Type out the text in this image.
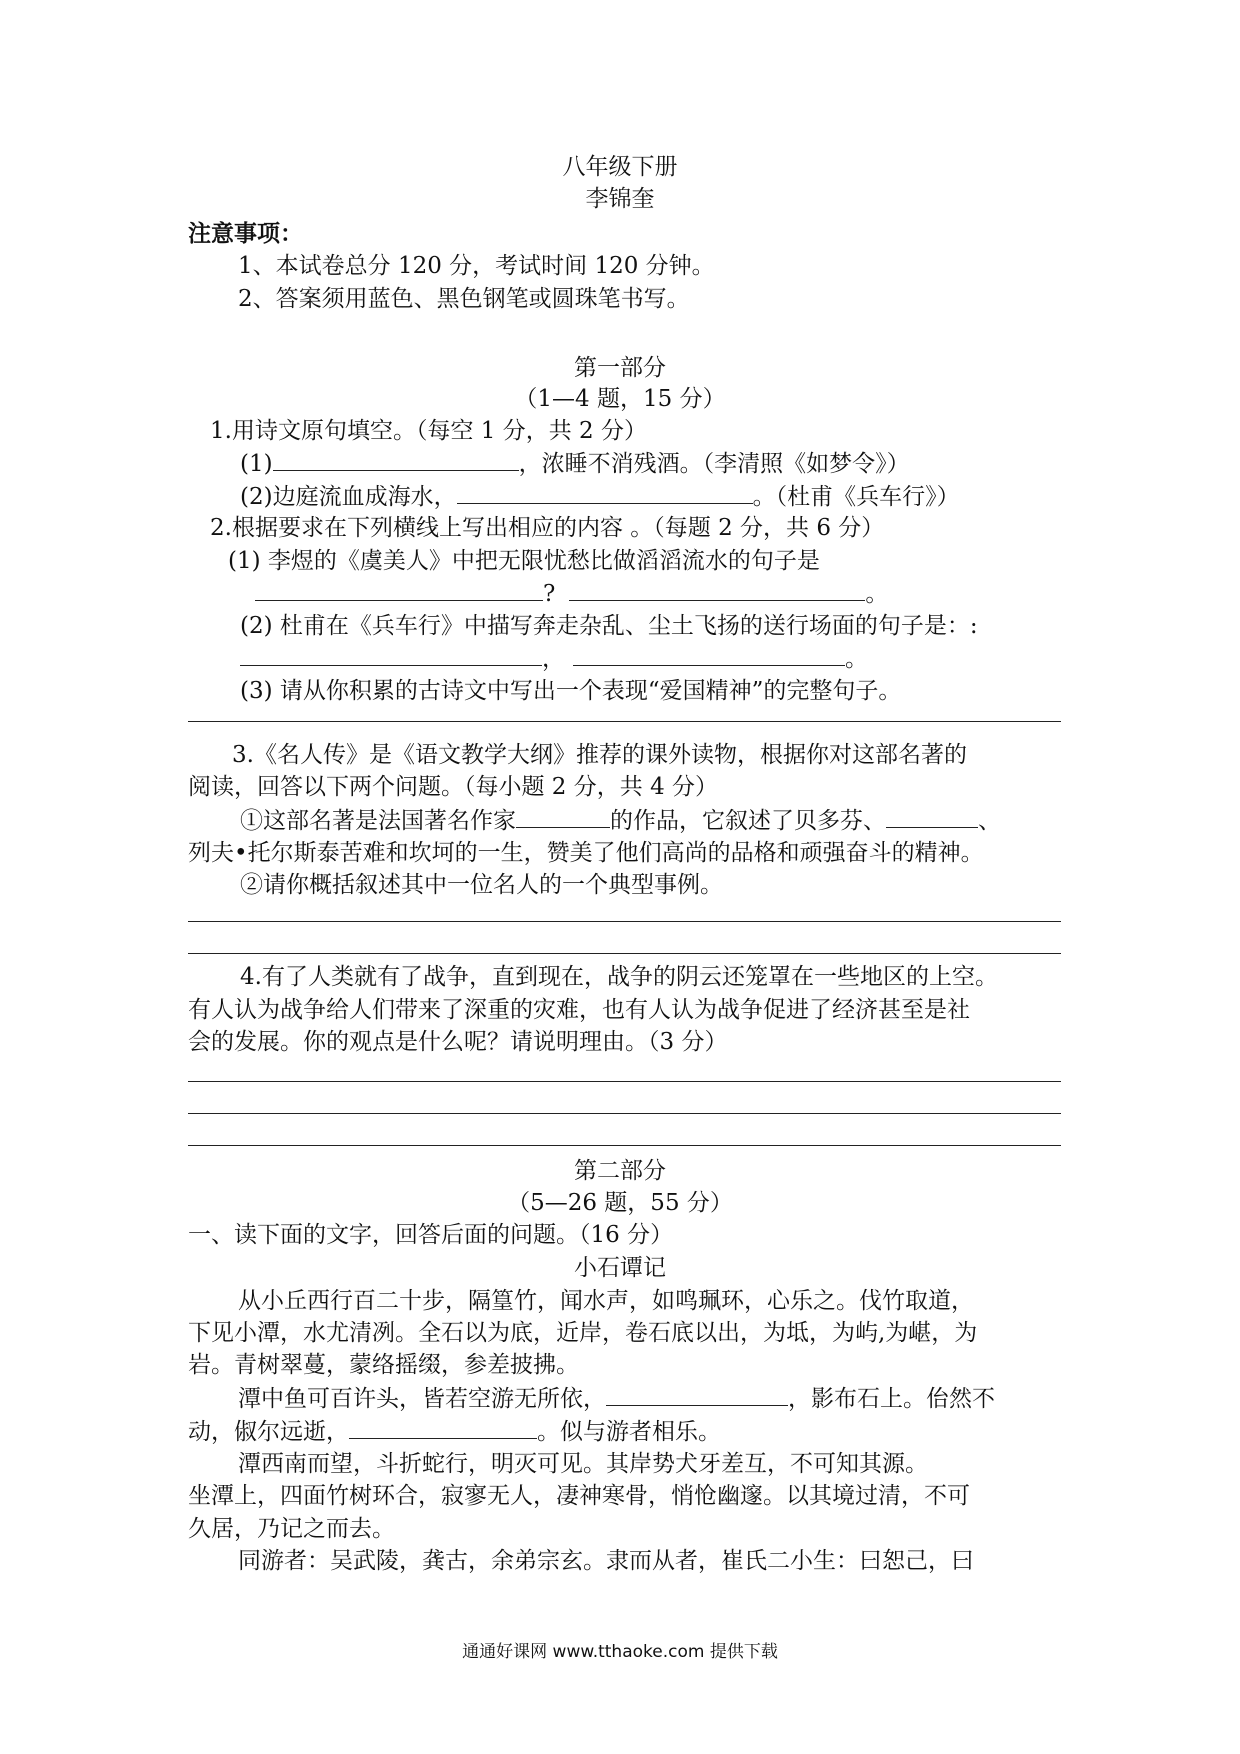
八年级下册
李锦奎
注意事项：
1、本试卷总分 120 分，考试时间 120 分钟。
2、答案须用蓝色、黑色钢笔或圆珠笔书写。
第一部分
（1—4 题，15 分）
1.用诗文原句填空。（每空 1 分，共 2 分）
(1)	，浓睡不消残酒。（李清照《如梦令》）
(2)边庭流血成海水，	。（杜甫《兵车行》）
2.根据要求在下列横线上写出相应的内容 。（每题 2 分，共 6 分）
(1) 李煜的《虞美人》中把无限忧愁比做滔滔流水的句子是
?	。
(2) 杜甫在《兵车行》中描写奔走杂乱、尘土飞扬的送行场面的句子是：:
，	。
(3) 请从你积累的古诗文中写出一个表现“爱国精神”的完整句子。
3.《名人传》是《语文教学大纲》推荐的课外读物，根据你对这部名著的
阅读，回答以下两个问题。（每小题 2 分，共 4 分）
①这部名著是法国著名作家	的作品，它叙述了贝多芬、	、
列夫•托尔斯泰苦难和坎坷的一生，赞美了他们高尚的品格和顽强奋斗的精神。
②请你概括叙述其中一位名人的一个典型事例。
4.有了人类就有了战争，直到现在，战争的阴云还笼罩在一些地区的上空。
有人认为战争给人们带来了深重的灾难，也有人认为战争促进了经济甚至是社
会的发展。你的观点是什么呢？请说明理由。（3 分）
第二部分
（5—26 题，55 分）
一、读下面的文字，回答后面的问题。（16 分）
小石谭记
从小丘西行百二十步，隔篁竹，闻水声，如鸣珮环，心乐之。伐竹取道，
下见小潭，水尤清冽。全石以为底，近岸，卷石底以出，为坻，为屿,为嵁，为
岩。青树翠蔓，蒙络摇缀，参差披拂。
潭中鱼可百许头，皆若空游无所依，	，影布石上。佁然不
动，俶尔远逝，	。似与游者相乐。
潭西南而望，斗折蛇行，明灭可见。其岸势犬牙差互，不可知其源。
坐潭上，四面竹树环合，寂寥无人，凄神寒骨，悄怆幽邃。以其境过清，不可
久居，乃记之而去。
同游者：吴武陵，龚古，余弟宗玄。隶而从者，崔氏二小生：曰恕己，曰
通通好课网 www.tthaoke.com 提供下载
